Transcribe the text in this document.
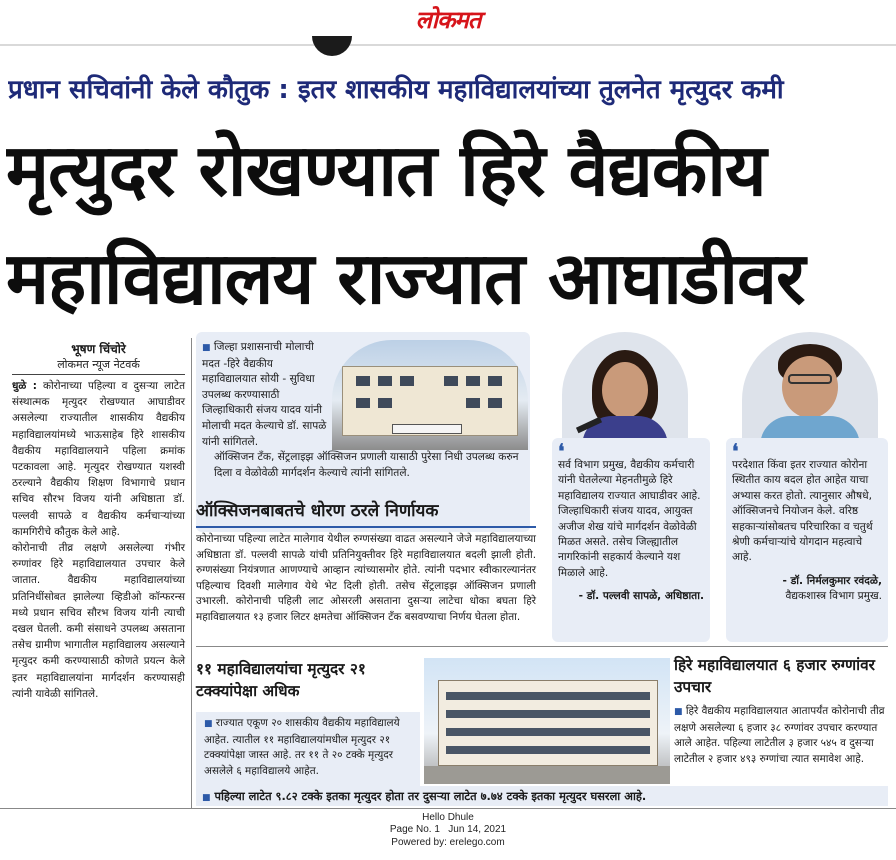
लोकमत
प्रधान सचिवांनी केले कौतुक : इतर शासकीय महाविद्यालयांच्या तुलनेत मृत्युदर कमी
मृत्युदर रोखण्यात हिरे वैद्यकीय
महाविद्यालय राज्यात आघाडीवर
भूषण चिंचोरे
लोकमत न्यूज नेटवर्क

धुळे : कोरोनाच्या पहिल्या व दुसऱ्या लाटेत संस्थात्मक मृत्युदर रोखण्यात आघाडीवर असलेल्या राज्यातील शासकीय वैद्यकीय महाविद्यालयांमध्ये भाऊसाहेब हिरे शासकीय वैद्यकीय महाविद्यालयाने पहिला क्रमांक पटकावला आहे. मृत्युदर रोखण्यात यशस्वी ठरल्याने वैद्यकीय शिक्षण विभागाचे प्रधान सचिव सौरभ विजय यांनी अधिष्ठाता डॉ. पल्लवी सापळे व वैद्यकीय कर्मचाऱ्यांच्या कामगिरीचे कौतुक केले आहे.

कोरोनाची तीव्र लक्षणे असलेल्या गंभीर रुग्णांवर हिरे महाविद्यालयात उपचार केले जातात. वैद्यकीय महाविद्यालयांच्या प्रतिनिधींसोबत झालेल्या व्हिडीओ कॉन्फरन्स मध्ये प्रधान सचिव सौरभ विजय यांनी त्याची दखल घेतली. कमी संसाधने उपलब्ध असताना तसेच ग्रामीण भागातील महाविद्यालय असल्याने मृत्युदर कमी करण्यासाठी कोणते प्रयत्न केले इतर महाविद्यालयांना मार्गदर्शन करण्यासही त्यांनी यावेळी सांगितले.

■ जिल्हा प्रशासनाची मोलाची मदत -हिरे वैद्यकीय महाविद्यालयात सोयी - सुविधा उपलब्ध करण्यासाठी जिल्हाधिकारी संजय यादव यांनी मोलाची मदत केल्याचे डॉ. सापळे यांनी सांगितले.
ऑक्सिजन टँक, सेंट्रलाइझ ऑक्सिजन प्रणाली यासाठी पुरेसा निधी उपलब्ध करुन दिला व वेळोवेळी मार्गदर्शन केल्याचे त्यांनी सांगितले.
ऑक्सिजनबाबतचे धोरण ठरले निर्णायक

कोरोनाच्या पहिल्या लाटेत मालेगाव येथील रुग्णसंख्या वाढत असल्याने जेजे महाविद्यालयाच्या अधिष्ठाता डॉ. पल्लवी सापळे यांची प्रतिनियुक्तीवर हिरे महाविद्यालयात बदली झाली होती. रुग्णसंख्या नियंत्रणात आणण्याचे आव्हान त्यांच्यासमोर होते. त्यांनी पदभार स्वीकारल्यानंतर पहिल्याच दिवशी मालेगाव येथे भेट दिली होती. तसेच सेंट्रलाइझ ऑक्सिजन प्रणाली उभारली. कोरोनाची पहिली लाट ओसरली असताना दुसऱ्या लाटेचा धोका बघता हिरे महाविद्यालयात १३ हजार लिटर क्षमतेचा ऑक्सिजन टँक बसवण्याचा निर्णय घेतला होता.

❛
सर्व विभाग प्रमुख, वैद्यकीय कर्मचारी यांनी घेतलेल्या मेहनतीमुळे हिरे महाविद्यालय राज्यात आघाडीवर आहे. जिल्हाधिकारी संजय यादव, आयुक्त अजीज शेख यांचे मार्गदर्शन वेळोवेळी मिळत असते. तसेच जिल्ह्यातील नागरिकांनी सहकार्य केल्याने यश मिळाले आहे.
- डॉ. पल्लवी सापळे, अधिष्ठाता.
❛
परदेशात किंवा इतर राज्यात कोरोना स्थितीत काय बदल होत आहेत याचा अभ्यास करत होतो. त्यानुसार औषधे, ऑक्सिजनचे नियोजन केले. वरिष्ठ सहकाऱ्यांसोबतच परिचारिका व चतुर्थ श्रेणी कर्मचाऱ्यांचे योगदान महत्वाचे आहे.
- डॉ. निर्मलकुमार रवंदळे,
वैद्यकशास्त्र विभाग प्रमुख.
११ महाविद्यालयांचा मृत्युदर २१ टक्क्यांपेक्षा अधिक
■ राज्यात एकूण २० शासकीय वैद्यकीय महाविद्यालये आहेत. त्यातील ११ महाविद्यालयांमधील मृत्युदर २१ टक्क्यांपेक्षा जास्त आहे. तर ११ ते २० टक्के मृत्युदर असलेले ६ महाविद्यालये आहेत.
हिरे महाविद्यालयात ६ हजार रुग्णांवर उपचार
■ हिरे वैद्यकीय महाविद्यालयात आतापर्यंत कोरोनाची तीव्र लक्षणे असलेल्या ६ हजार ३८ रुग्णांवर उपचार करण्यात आले आहेत. पहिल्या लाटेतील ३ हजार ५४५ व दुसऱ्या लाटेतील २ हजार ४९३ रुग्णांचा त्यात समावेश आहे.
■ पहिल्या लाटेत ९.८२ टक्के इतका मृत्युदर होता तर दुसऱ्या लाटेत ७.७४ टक्के इतका मृत्युदर घसरला आहे.
Hello Dhule
Page No. 1   Jun 14, 2021
Powered by: erelego.com
